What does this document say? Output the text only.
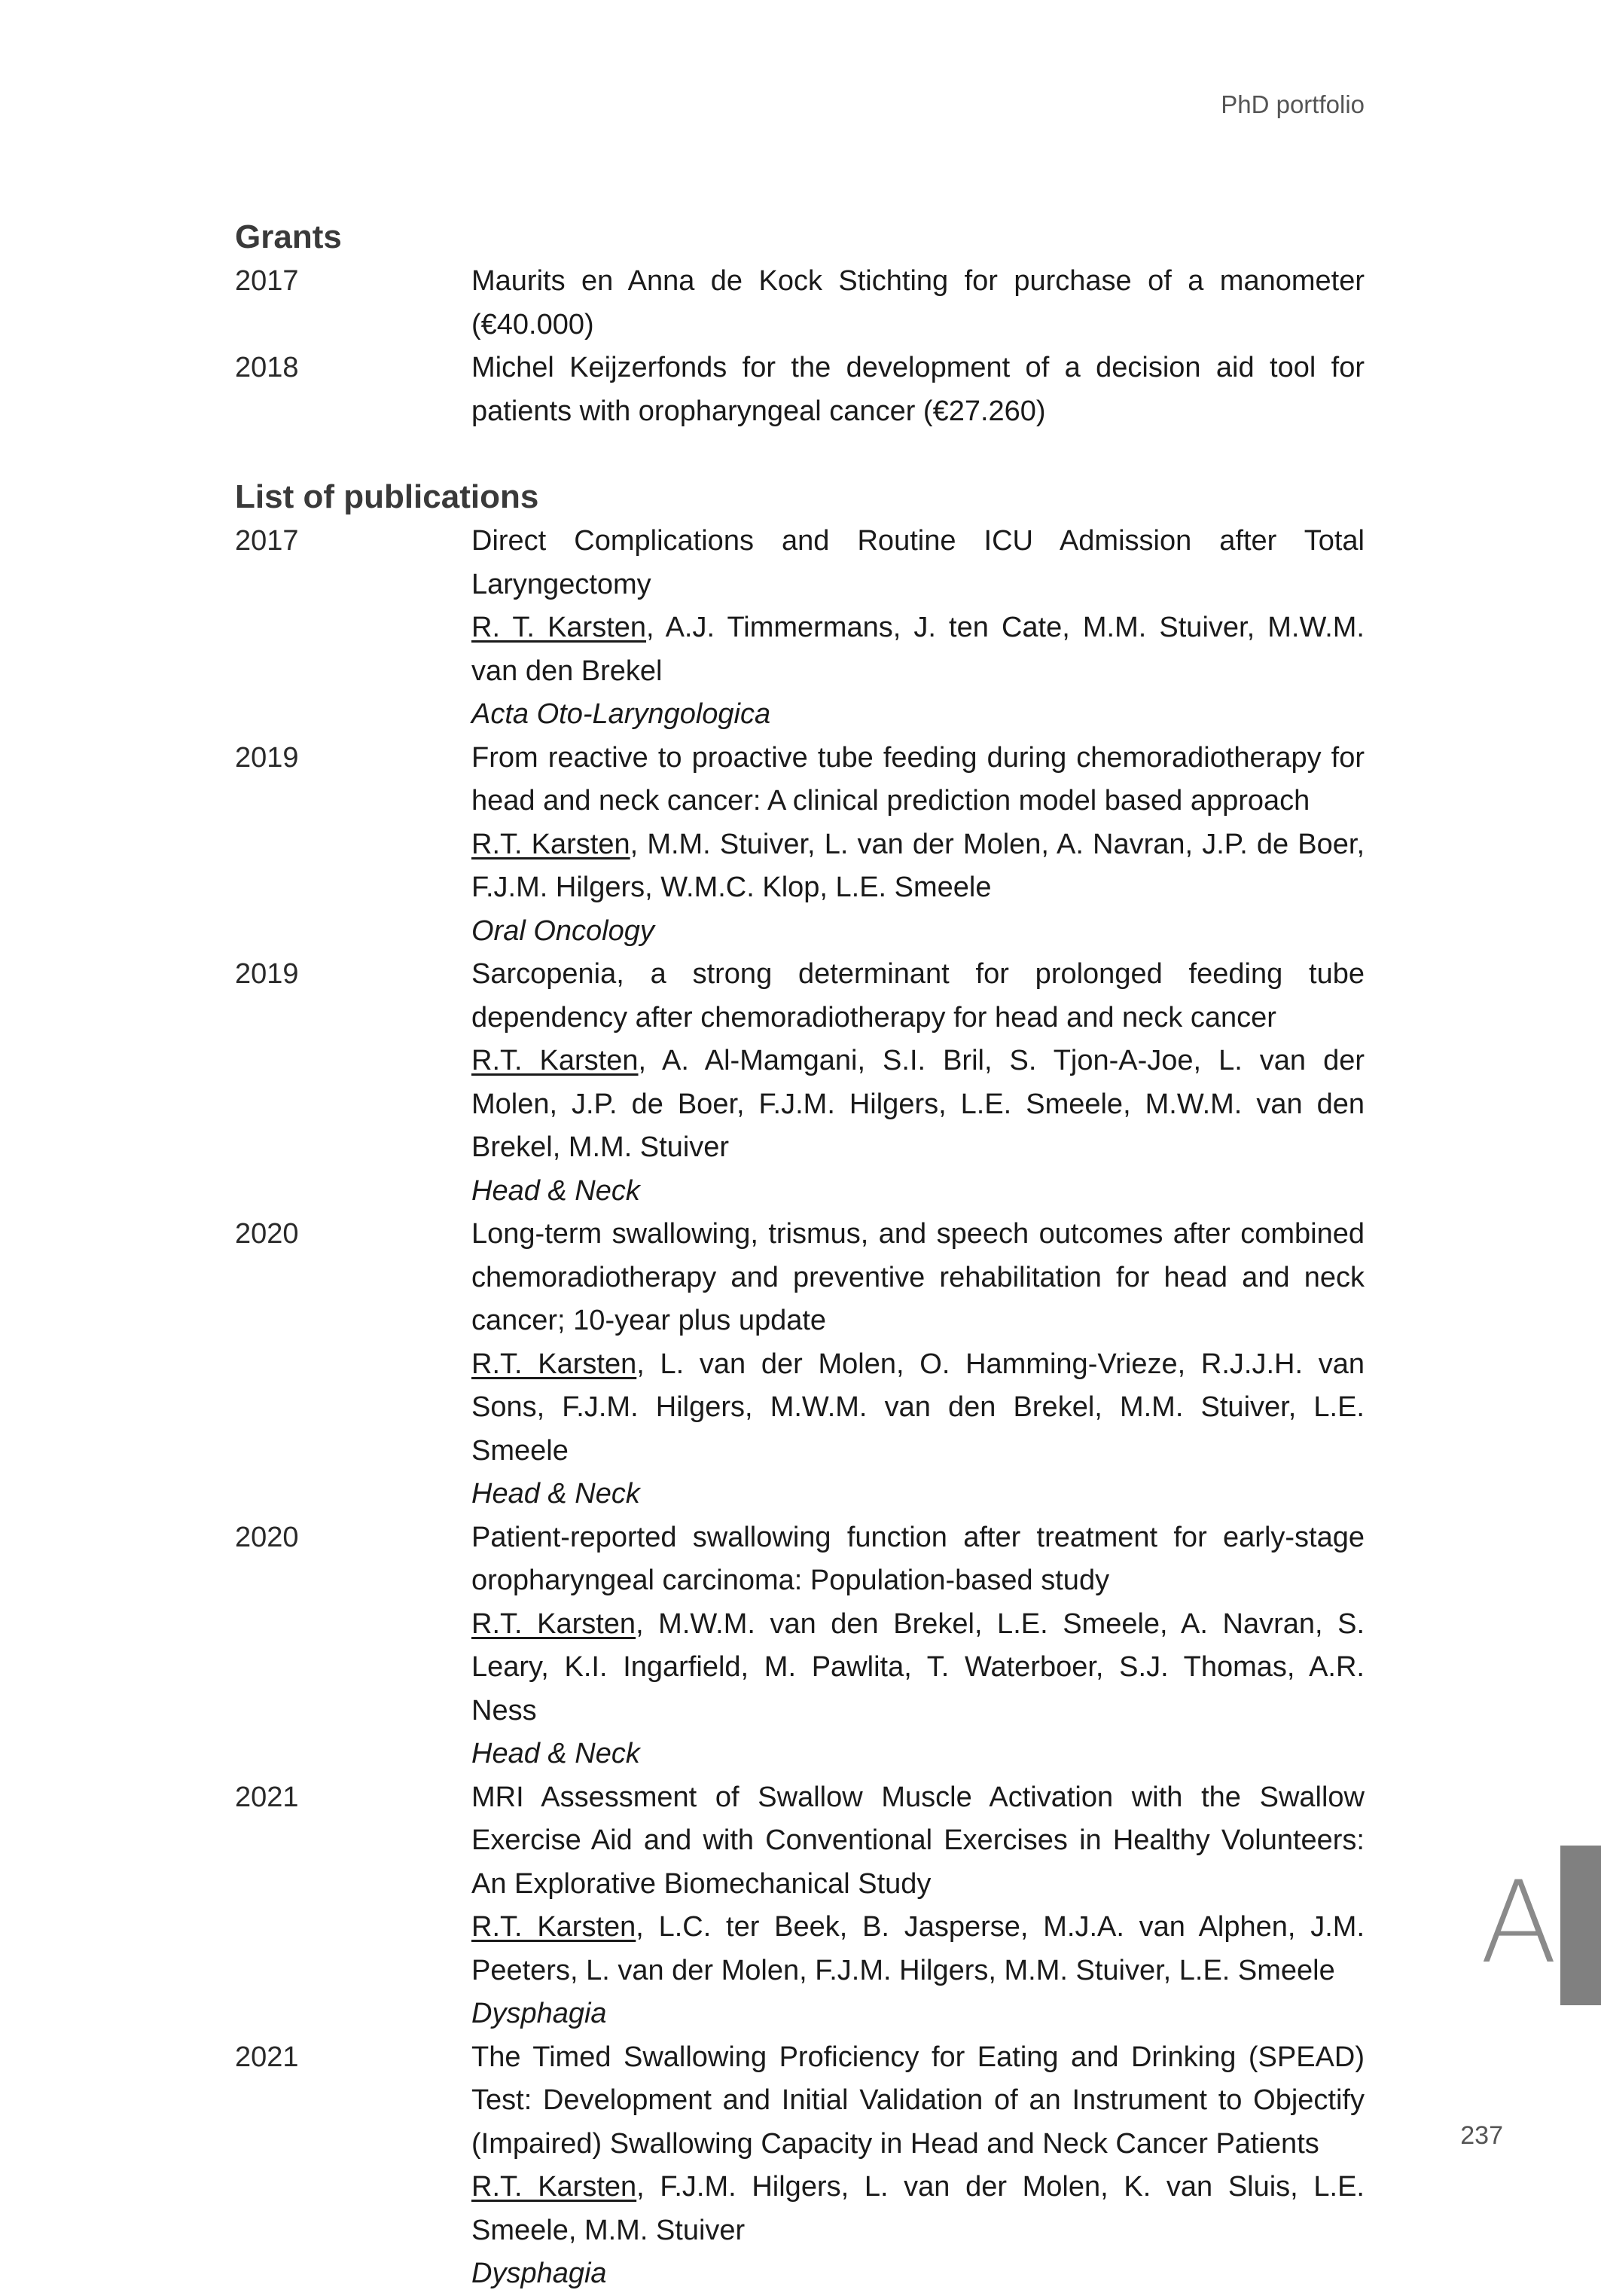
PhD portfolio
Grants
2017	Maurits en Anna de Kock Stichting for purchase of a manometer (€40.000)
2018	Michel Keijzerfonds for the development of a decision aid tool for patients with oropharyngeal cancer (€27.260)
List of publications
2017	Direct Complications and Routine ICU Admission after Total Laryngectomy
R. T. Karsten, A.J. Timmermans, J. ten Cate, M.M. Stuiver, M.W.M. van den Brekel
Acta Oto-Laryngologica
2019	From reactive to proactive tube feeding during chemoradiotherapy for head and neck cancer: A clinical prediction model based approach
R.T. Karsten, M.M. Stuiver, L. van der Molen, A. Navran, J.P. de Boer, F.J.M. Hilgers, W.M.C. Klop, L.E. Smeele
Oral Oncology
2019	Sarcopenia, a strong determinant for prolonged feeding tube dependency after chemoradiotherapy for head and neck cancer
R.T. Karsten, A. Al-Mamgani, S.I. Bril, S. Tjon-A-Joe, L. van der Molen, J.P. de Boer, F.J.M. Hilgers, L.E. Smeele, M.W.M. van den Brekel, M.M. Stuiver
Head & Neck
2020	Long-term swallowing, trismus, and speech outcomes after combined chemoradiotherapy and preventive rehabilitation for head and neck cancer; 10-year plus update
R.T. Karsten, L. van der Molen, O. Hamming-Vrieze, R.J.J.H. van Sons, F.J.M. Hilgers, M.W.M. van den Brekel, M.M. Stuiver, L.E. Smeele
Head & Neck
2020	Patient-reported swallowing function after treatment for early-stage oropharyngeal carcinoma: Population-based study
R.T. Karsten, M.W.M. van den Brekel, L.E. Smeele, A. Navran, S. Leary, K.I. Ingarfield, M. Pawlita, T. Waterboer, S.J. Thomas, A.R. Ness
Head & Neck
2021	MRI Assessment of Swallow Muscle Activation with the Swallow Exercise Aid and with Conventional Exercises in Healthy Volunteers: An Explorative Biomechanical Study
R.T. Karsten, L.C. ter Beek, B. Jasperse, M.J.A. van Alphen, J.M. Peeters, L. van der Molen, F.J.M. Hilgers, M.M. Stuiver, L.E. Smeele
Dysphagia
2021	The Timed Swallowing Proficiency for Eating and Drinking (SPEAD) Test: Development and Initial Validation of an Instrument to Objectify (Impaired) Swallowing Capacity in Head and Neck Cancer Patients
R.T. Karsten, F.J.M. Hilgers, L. van der Molen, K. van Sluis, L.E. Smeele, M.M. Stuiver
Dysphagia
A
237
